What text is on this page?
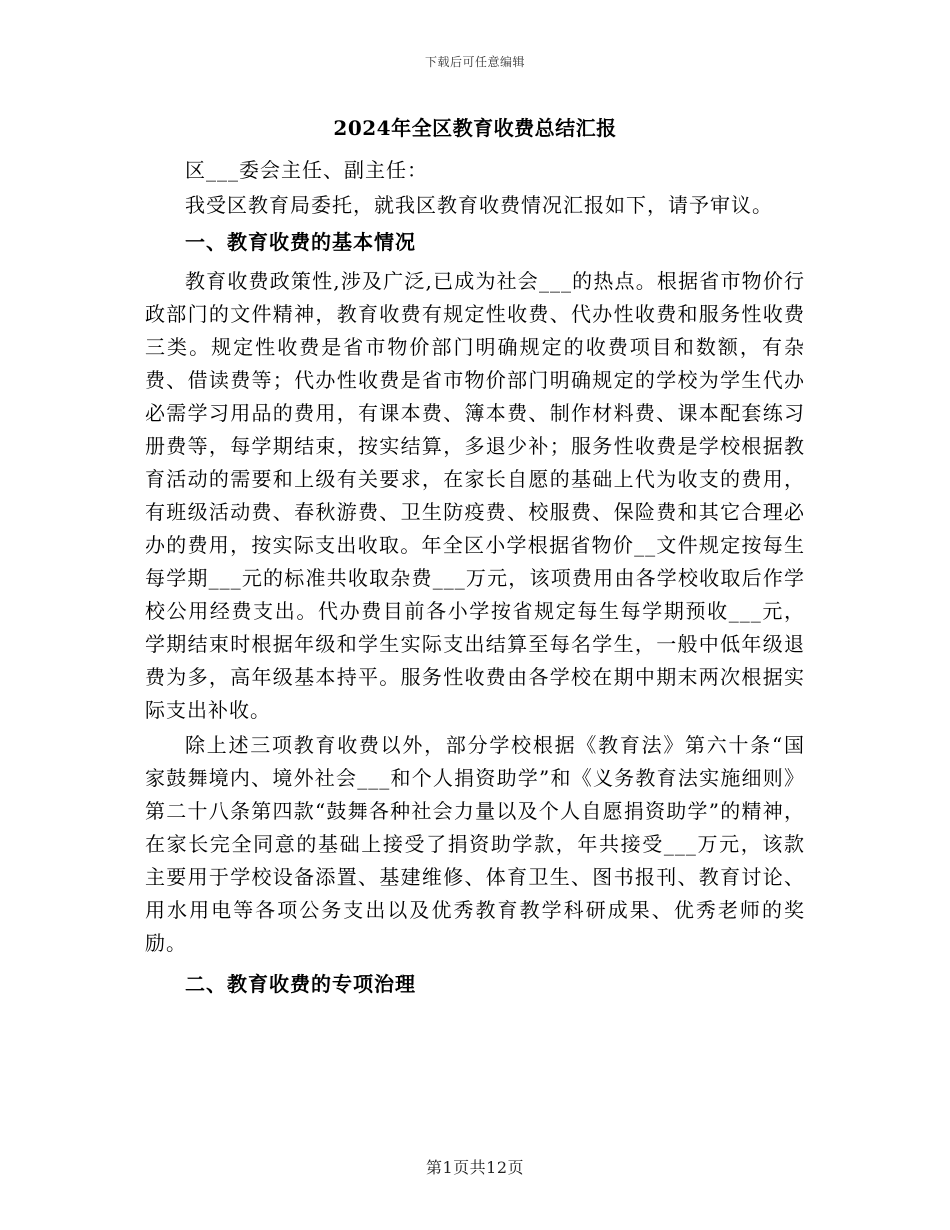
下载后可任意编辑
2024年全区教育收费总结汇报
区___委会主任、副主任：
我受区教育局委托，就我区教育收费情况汇报如下，请予审议。
一、教育收费的基本情况
教育收费政策性,涉及广泛,已成为社会___的热点。根据省市物价行政部门的文件精神，教育收费有规定性收费、代办性收费和服务性收费三类。规定性收费是省市物价部门明确规定的收费项目和数额，有杂费、借读费等；代办性收费是省市物价部门明确规定的学校为学生代办必需学习用品的费用，有课本费、簿本费、制作材料费、课本配套练习册费等，每学期结束，按实结算，多退少补；服务性收费是学校根据教育活动的需要和上级有关要求，在家长自愿的基础上代为收支的费用，有班级活动费、春秋游费、卫生防疫费、校服费、保险费和其它合理必办的费用，按实际支出收取。年全区小学根据省物价__文件规定按每生每学期___元的标准共收取杂费___万元，该项费用由各学校收取后作学校公用经费支出。代办费目前各小学按省规定每生每学期预收___元，学期结束时根据年级和学生实际支出结算至每名学生，一般中低年级退费为多，高年级基本持平。服务性收费由各学校在期中期末两次根据实际支出补收。
除上述三项教育收费以外，部分学校根据《教育法》第六十条“国家鼓舞境内、境外社会___和个人捐资助学”和《义务教育法实施细则》第二十八条第四款“鼓舞各种社会力量以及个人自愿捐资助学”的精神，在家长完全同意的基础上接受了捐资助学款，年共接受___万元，该款主要用于学校设备添置、基建维修、体育卫生、图书报刊、教育讨论、用水用电等各项公务支出以及优秀教育教学科研成果、优秀老师的奖励。
二、教育收费的专项治理
第1页共12页
